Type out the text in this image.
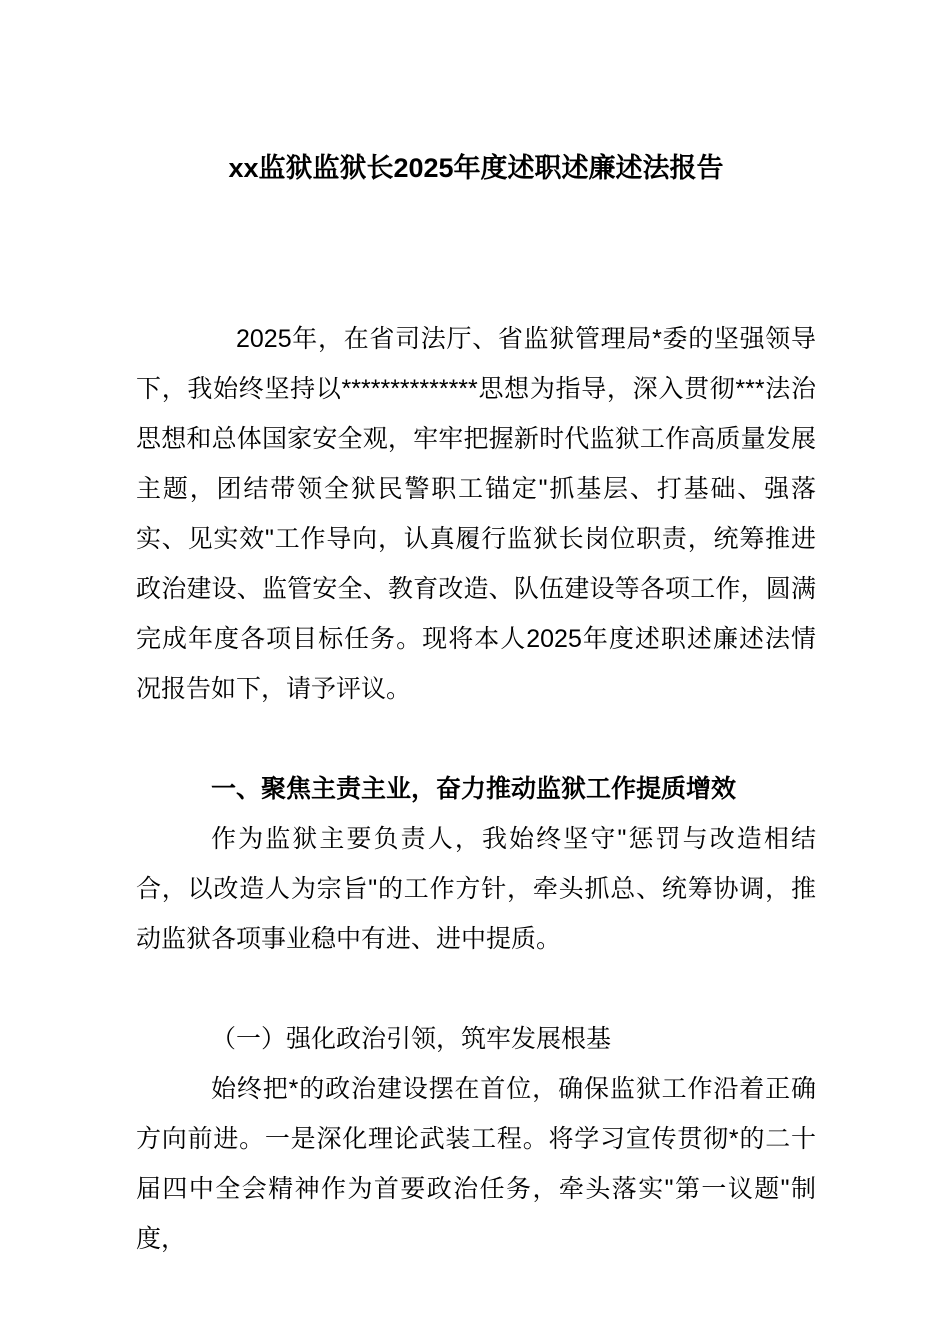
xx监狱监狱长2025年度述职述廉述法报告

2025年，在省司法厅、省监狱管理局*委的坚强领导下，我始终坚持以**************思想为指导，深入贯彻***法治思想和总体国家安全观，牢牢把握新时代监狱工作高质量发展主题，团结带领全狱民警职工锚定"抓基层、打基础、强落实、见实效"工作导向，认真履行监狱长岗位职责，统筹推进政治建设、监管安全、教育改造、队伍建设等各项工作，圆满完成年度各项目标任务。现将本人2025年度述职述廉述法情况报告如下，请予评议。

一、聚焦主责主业，奋力推动监狱工作提质增效

作为监狱主要负责人，我始终坚守"惩罚与改造相结合，以改造人为宗旨"的工作方针，牵头抓总、统筹协调，推动监狱各项事业稳中有进、进中提质。

（一）强化政治引领，筑牢发展根基

始终把*的政治建设摆在首位，确保监狱工作沿着正确方向前进。一是深化理论武装工程。将学习宣传贯彻*的二十届四中全会精神作为首要政治任务，牵头落实"第一议题"制度，
